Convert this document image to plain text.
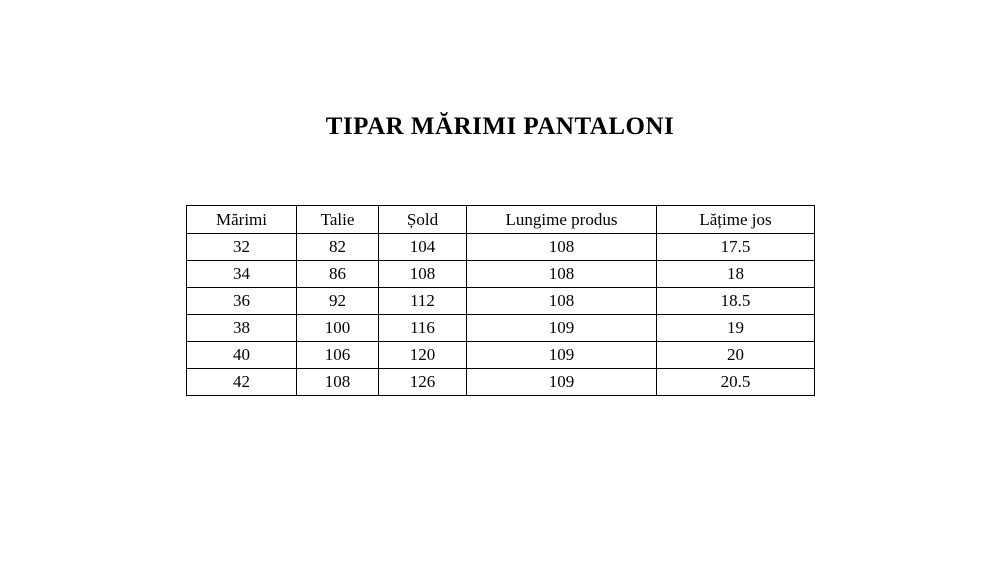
TIPAR MĂRIMI PANTALONI
Mărimi	Talie	Șold	Lungime produs	Lățime jos
32	82	104	108	17.5
34	86	108	108	18
36	92	112	108	18.5
38	100	116	109	19
40	106	120	109	20
42	108	126	109	20.5
